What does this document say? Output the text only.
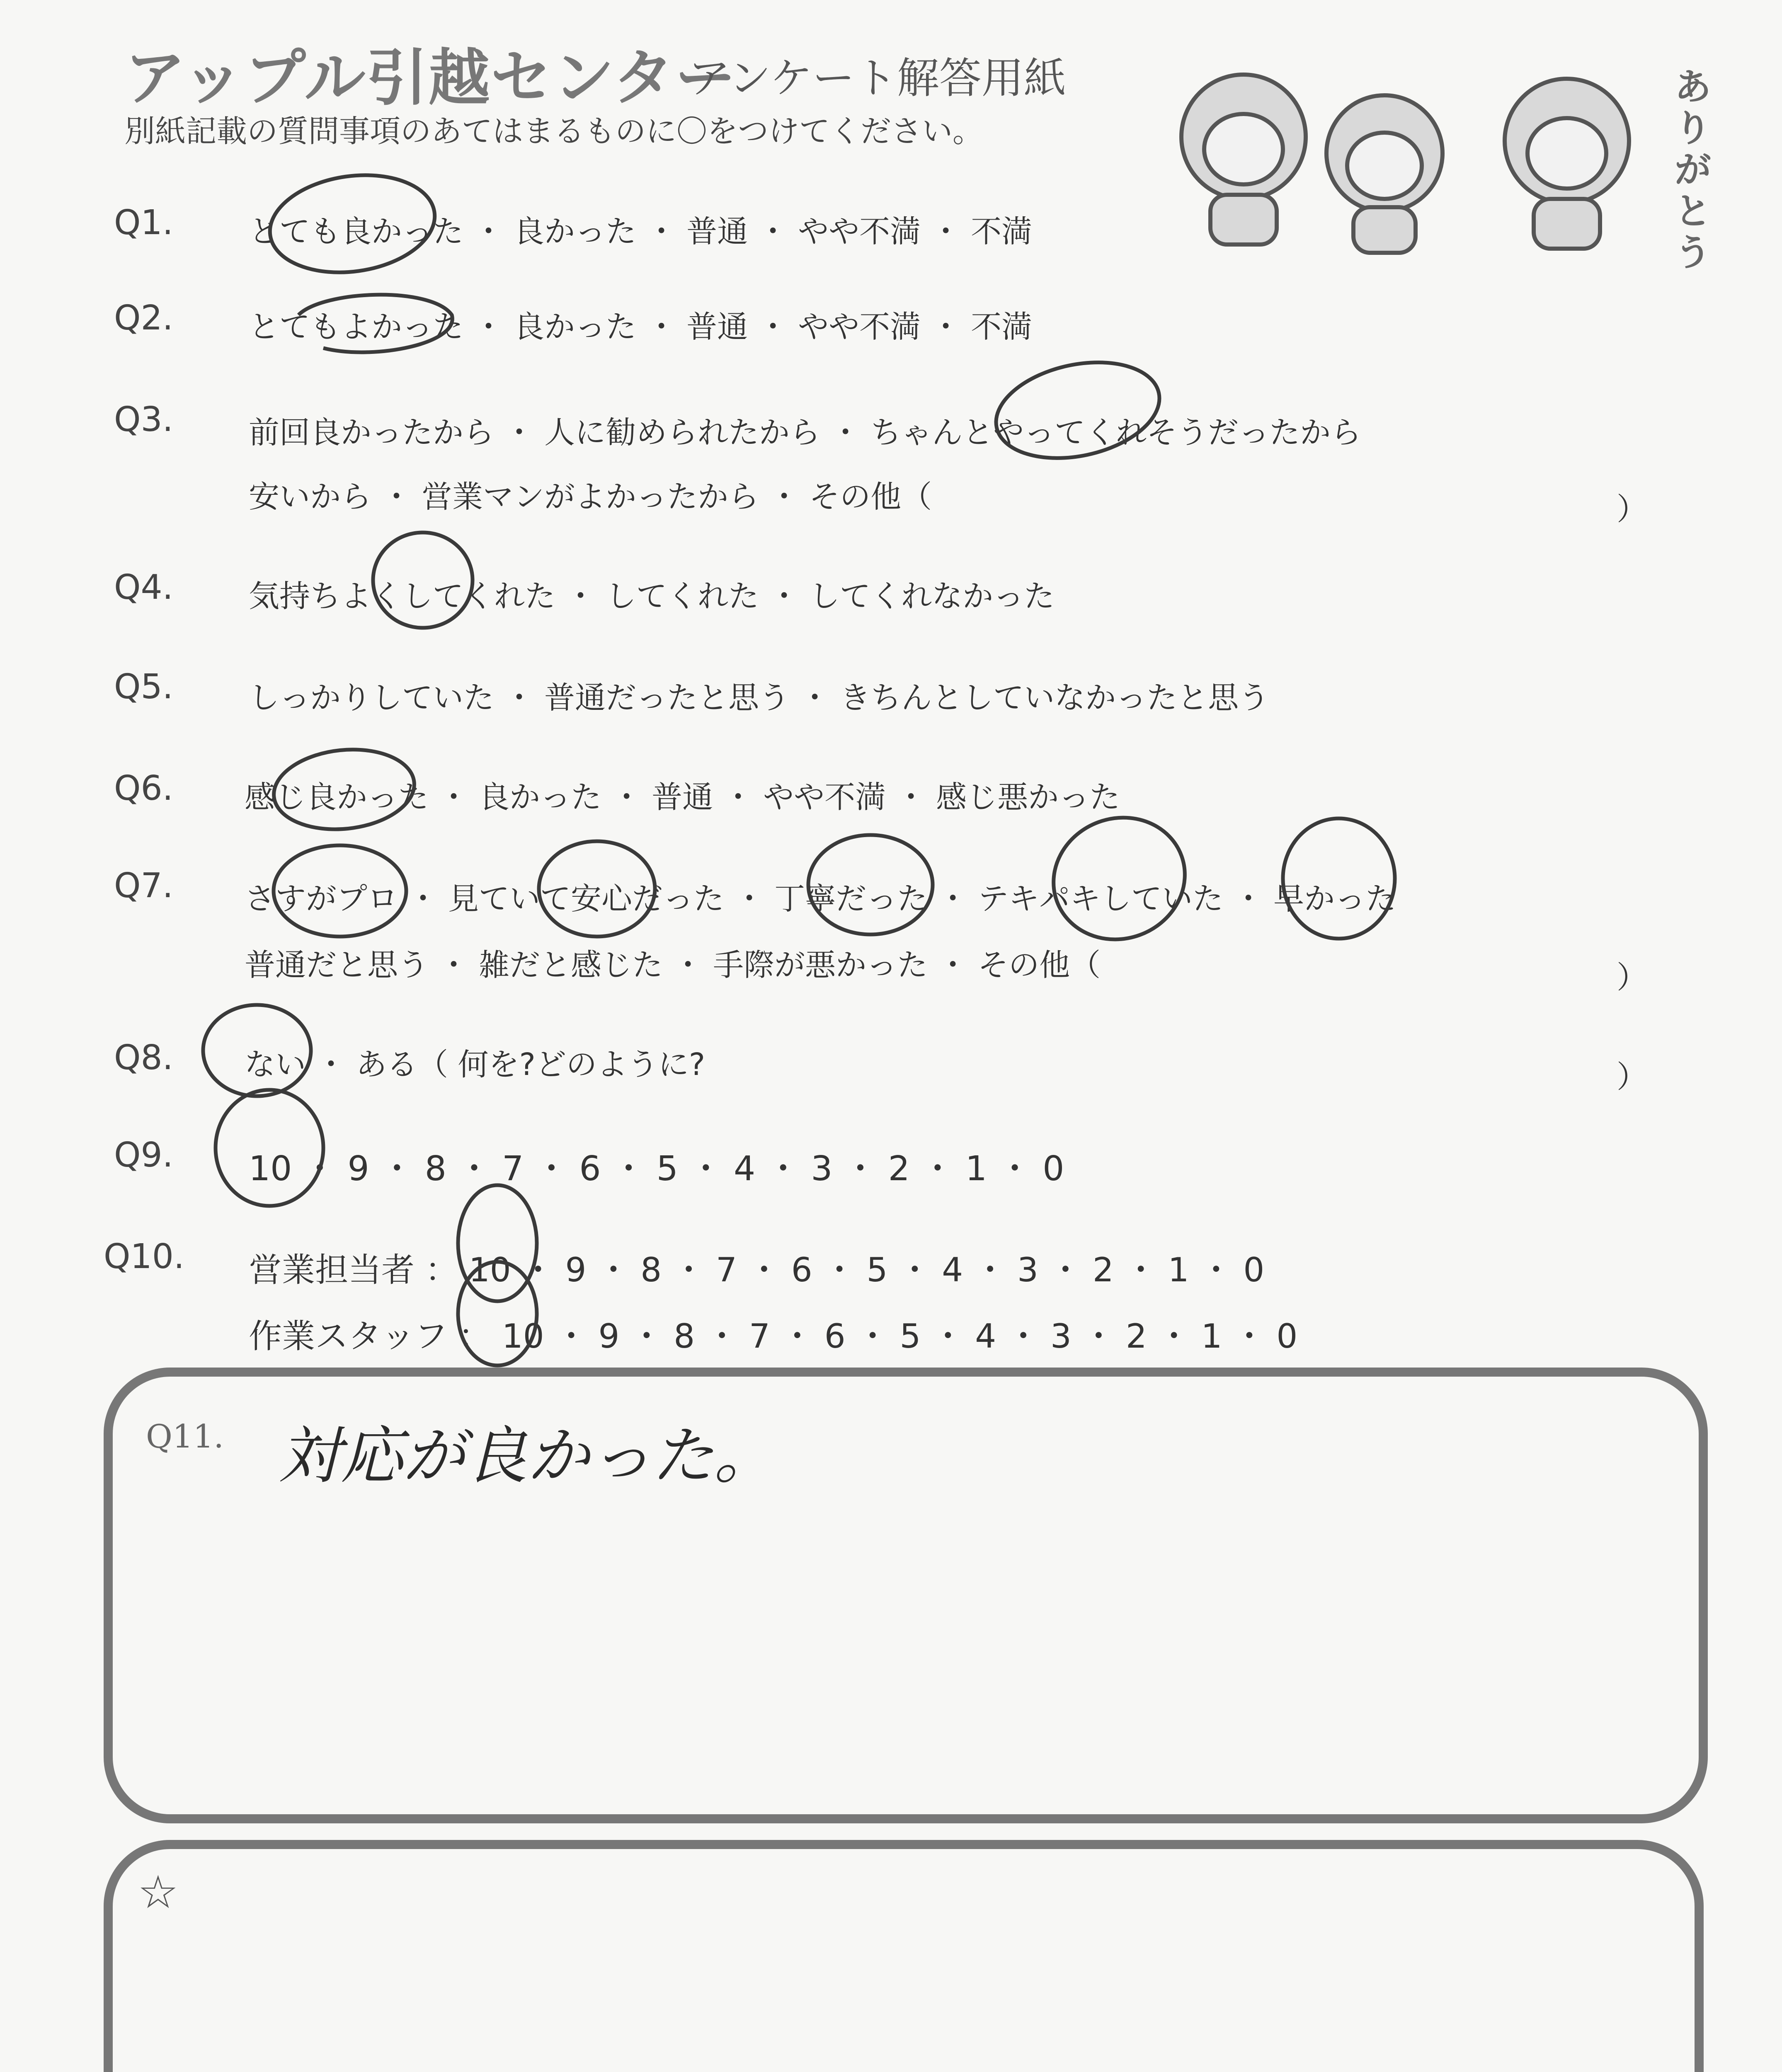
アップル引越センター
アンケート解答用紙
別紙記載の質問事項のあてはまるものに〇をつけてください。
ありがとう
Q1. とても良かった ・ 良かった ・ 普通 ・ やや不満 ・ 不満
Q2. とてもよかった ・ 良かった ・ 普通 ・ やや不満 ・ 不満
Q3. 前回良かったから ・ 人に勧められたから ・ ちゃんとやってくれそうだったから
安いから ・ 営業マンがよかったから ・ その他（	）
Q4. 気持ちよくしてくれた ・ してくれた ・ してくれなかった
Q5. しっかりしていた ・ 普通だったと思う ・ きちんとしていなかったと思う
Q6. 感じ良かった ・ 良かった ・ 普通 ・ やや不満 ・ 感じ悪かった
Q7. さすがプロ ・ 見ていて安心だった ・ 丁寧だった ・ テキパキしていた ・ 早かった
普通だと思う ・ 雑だと感じた ・ 手際が悪かった ・ その他（	）
Q8. ない ・ ある（ 何を?どのように?	）
Q9. 10 ・ 9 ・ 8 ・ 7 ・ 6 ・ 5 ・ 4 ・ 3 ・ 2 ・ 1 ・ 0
Q10. 営業担当者 ： 10 ・ 9 ・ 8 ・ 7 ・ 6 ・ 5 ・ 4 ・ 3 ・ 2 ・ 1 ・ 0
作業スタッフ ： 10 ・ 9 ・ 8 ・ 7 ・ 6 ・ 5 ・ 4 ・ 3 ・ 2 ・ 1 ・ 0
Q11. 対応が良かった。
☆
